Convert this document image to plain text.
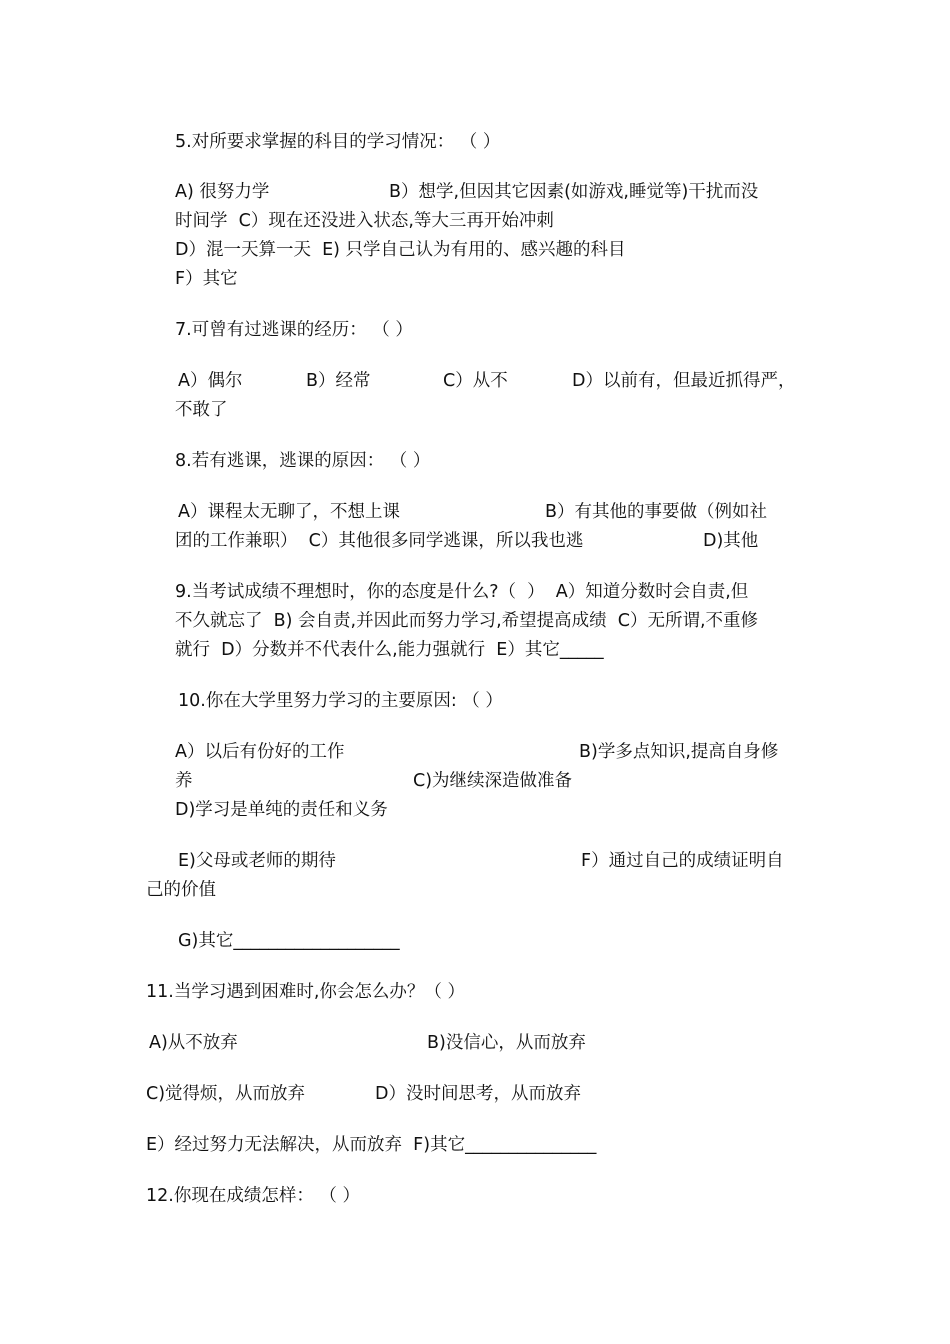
5.对所要求掌握的科目的学习情况： （ ）
A) 很努力学	B）想学,但因其它因素(如游戏,睡觉等)干扰而没
时间学  C）现在还没进入状态,等大三再开始冲刺
D）混一天算一天  E) 只学自己认为有用的、感兴趣的科目
F）其它
7.可曾有过逃课的经历： （ ）
A）偶尔	B）经常	C）从不	D）以前有，但最近抓得严，
不敢了
8.若有逃课，逃课的原因： （ ）
A）课程太无聊了，不想上课	B）有其他的事要做（例如社
团的工作兼职）  C）其他很多同学逃课，所以我也逃	D)其他
9.当考试成绩不理想时，你的态度是什么?（  ）  A）知道分数时会自责,但
不久就忘了  B) 会自责,并因此而努力学习,希望提高成绩  C）无所谓,不重修
就行  D）分数并不代表什么,能力强就行  E）其它_____
10.你在大学里努力学习的主要原因: （ ）
A）以后有份好的工作	B)学多点知识,提高自身修
养	C)为继续深造做准备
D)学习是单纯的责任和义务
E)父母或老师的期待	F）通过自己的成绩证明自
己的价值
G)其它___________________
11.当学习遇到困难时,你会怎么办？（ ）
A)从不放弃	B)没信心，从而放弃
C)觉得烦，从而放弃	D）没时间思考，从而放弃
E）经过努力无法解决，从而放弃  F)其它_______________
12.你现在成绩怎样： （ ）
